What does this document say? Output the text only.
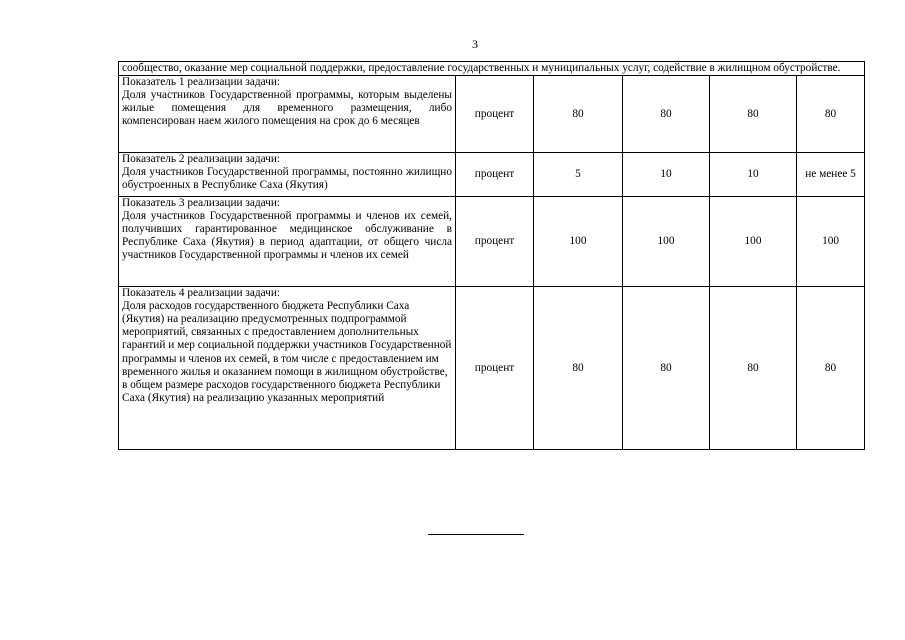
3
сообщество, оказание мер социальной поддержки, предоставление государственных и муниципальных услуг, содействие в жилищном обустройстве.					

Показатель 1 реализации задачи:
Доля участников Государственной программы, которым выделены жилые помещения для временного размещения, либо компенсирован наем жилого помещения на срок до 6 месяцев	процент	80	80	80	80

Показатель 2 реализации задачи:
Доля участников Государственной программы, постоянно жилищно обустроенных в Республике Саха (Якутия)	процент	5	10	10	не менее 5

Показатель 3 реализации задачи:
Доля участников Государственной программы и членов их семей, получивших гарантированное медицинское обслуживание в Республике Саха (Якутия) в период адаптации, от общего числа участников Государственной программы и членов их семей	процент	100	100	100	100

Показатель 4 реализации задачи:
Доля расходов государственного бюджета Республики Саха (Якутия) на реализацию предусмотренных подпрограммой мероприятий, связанных с предоставлением дополнительных гарантий и мер социальной поддержки участников Государственной программы и членов их семей, в том числе с предоставлением им временного жилья и оказанием помощи в жилищном обустройстве, в общем размере расходов государственного бюджета Республики Саха (Якутия) на реализацию указанных мероприятий	процент	80	80	80	80
